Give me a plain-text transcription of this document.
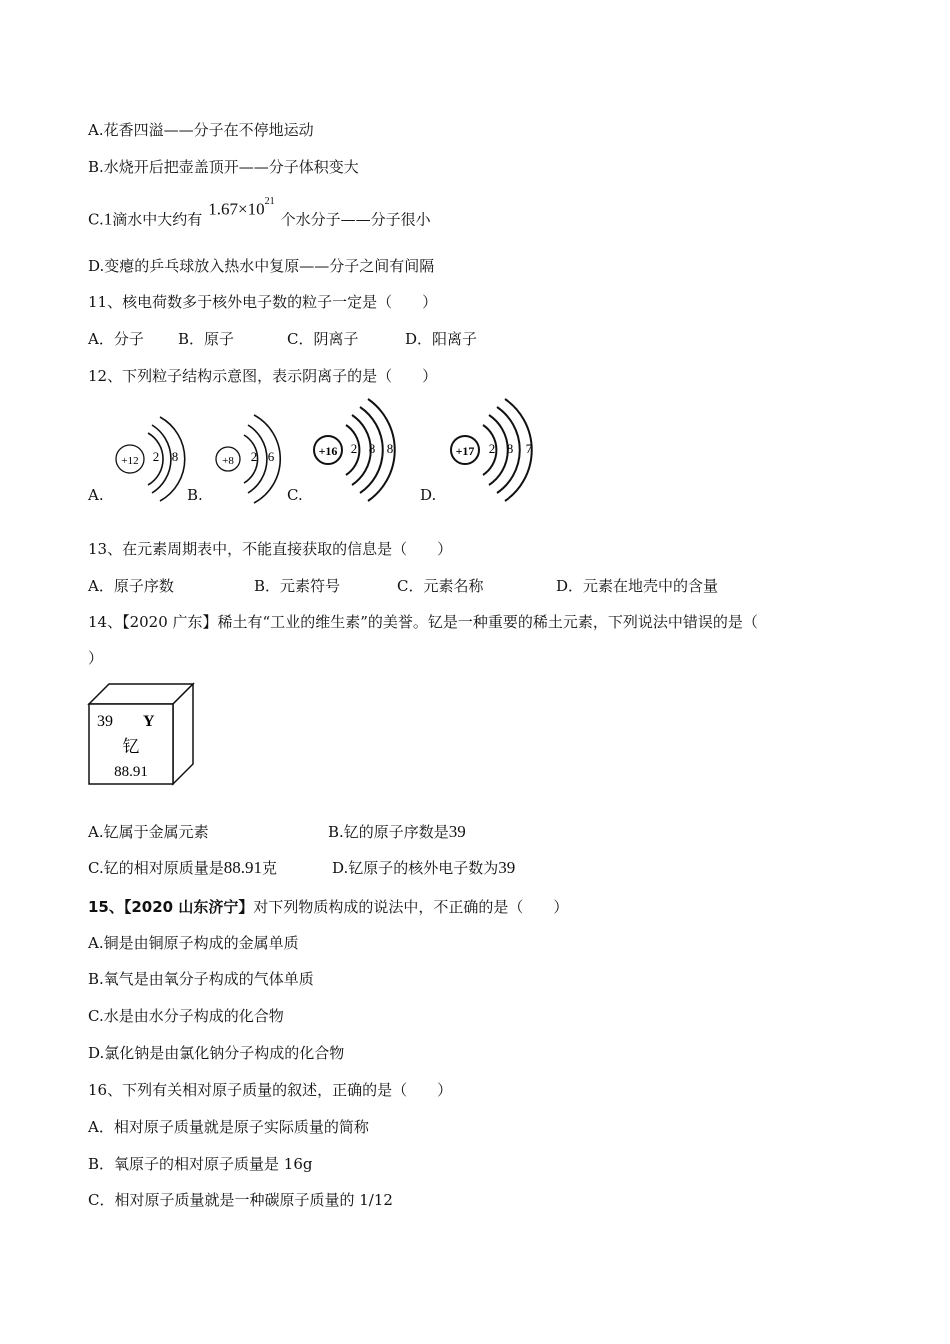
A.花香四溢——分子在不停地运动
B.水烧开后把壶盖顶开——分子体积变大
C.1滴水中大约有$1.67\times 10^{21}$个水分子——分子很小
D.变瘪的乒乓球放入热水中复原——分子之间有间隔
11、核电荷数多于核外电子数的粒子一定是（　　）
A．分子 B．原子	C．阴离子	D．阳离子
12、下列粒子结构示意图，表示阴离子的是（　　）
+12 2 8	+8 2 6	+16 2 8 8	+17 2 8 7
A.	B.	C.	D.
13、在元素周期表中，不能直接获取的信息是（　　）
A．原子序数	B．元素符号	C．元素名称	D．元素在地壳中的含量
14、【2020 广东】稀土有“工业的维生素”的美誉。钇是一种重要的稀土元素，下列说法中错误的是（
）
39 Y
钇
88.91
A.钇属于金属元素	B.钇的原子序数是39
C.钇的相对原质量是88.91克	D.钇原子的核外电子数为39
15、【2020 山东济宁】对下列物质构成的说法中，不正确的是（　　）
A.铜是由铜原子构成的金属单质
B.氧气是由氧分子构成的气体单质
C.水是由水分子构成的化合物
D.氯化钠是由氯化钠分子构成的化合物
16、下列有关相对原子质量的叙述，正确的是（　　）
A．相对原子质量就是原子实际质量的简称
B．氧原子的相对原子质量是 16g
C．相对原子质量就是一种碳原子质量的 1/12
